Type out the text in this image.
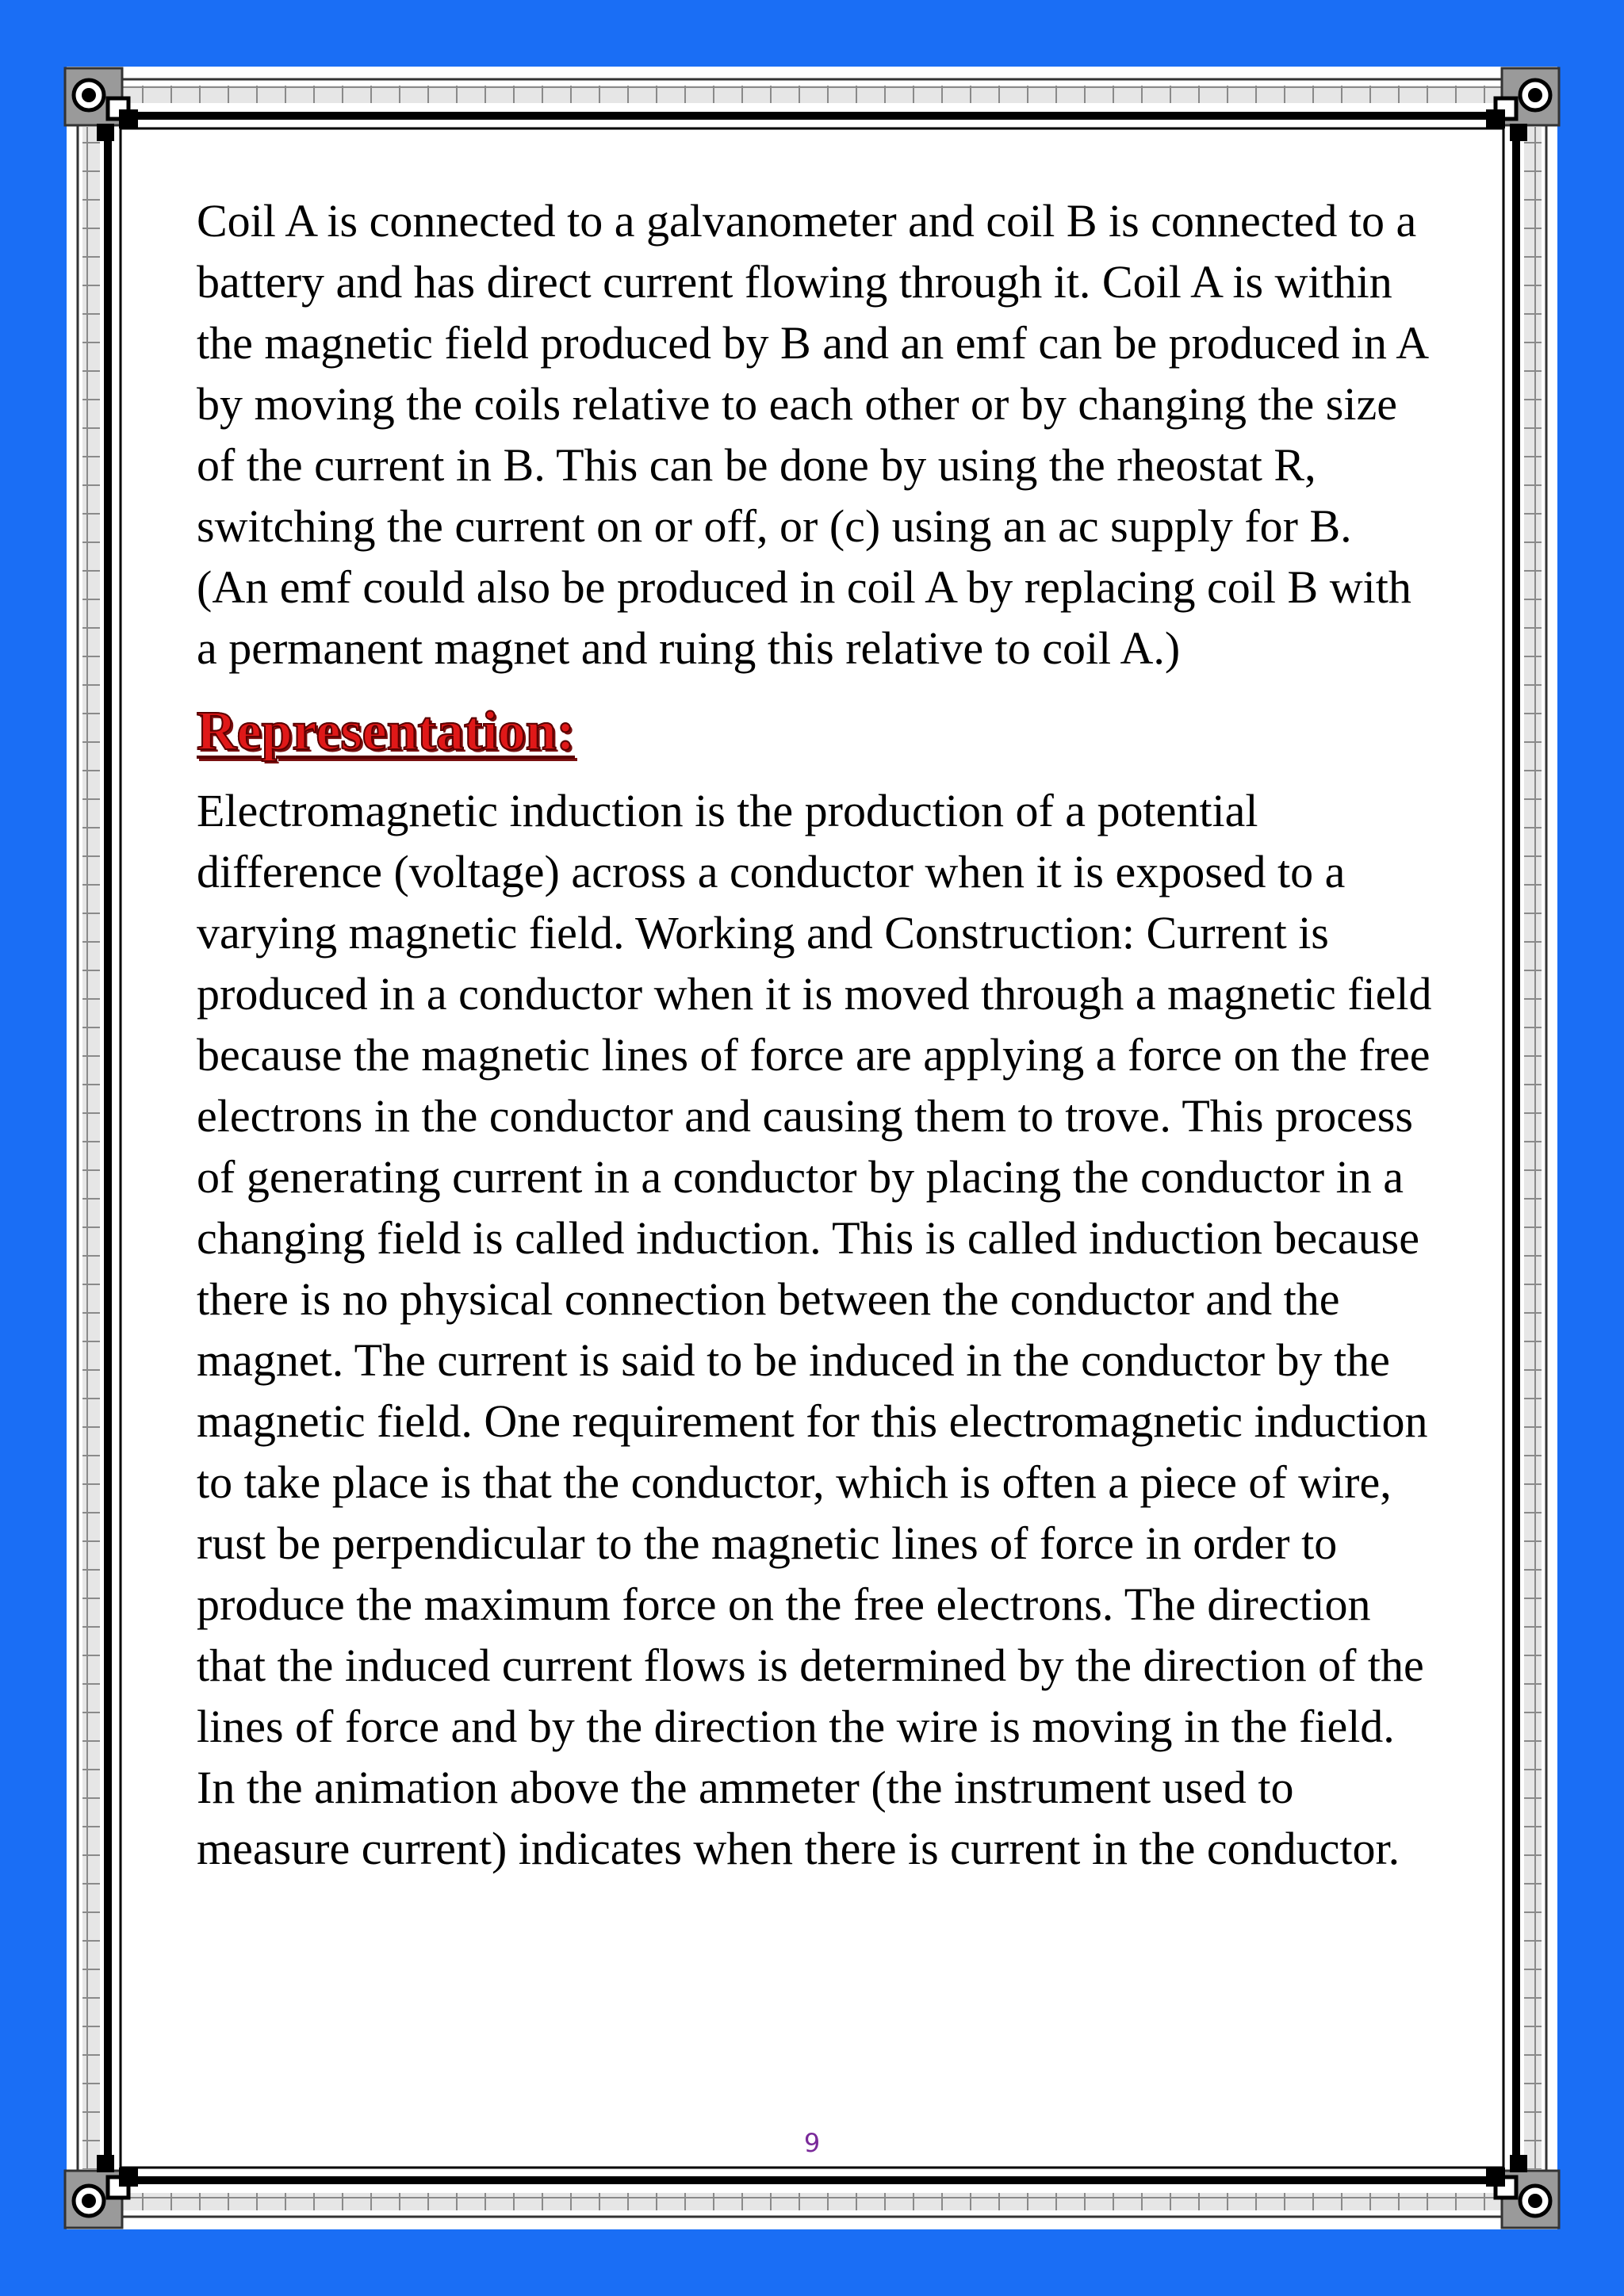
Coil A is connected to a galvanometer and coil B is connected to a battery and has direct current flowing through it. Coil A is within the magnetic field produced by B and an emf can be produced in A by moving the coils relative to each other or by changing the size of the current in B. This can be done by using the rheostat R, switching the current on or off, or (c) using an ac supply for B. (An emf could also be produced in coil A by replacing coil B with a permanent magnet and ruing this relative to coil A.)

Representation:

Electromagnetic induction is the production of a potential difference (voltage) across a conductor when it is exposed to a varying magnetic field. Working and Construction: Current is produced in a conductor when it is moved through a magnetic field because the magnetic lines of force are applying a force on the free electrons in the conductor and causing them to trove. This process of generating current in a conductor by placing the conductor in a changing field is called induction. This is called induction because there is no physical connection between the conductor and the magnet. The current is said to be induced in the conductor by the magnetic field. One requirement for this electromagnetic induction to take place is that the conductor, which is often a piece of wire, rust be perpendicular to the magnetic lines of force in order to produce the maximum force on the free electrons. The direction that the induced current flows is determined by the direction of the lines of force and by the direction the wire is moving in the field. In the animation above the ammeter (the instrument used to measure current) indicates when there is current in the conductor.

9
